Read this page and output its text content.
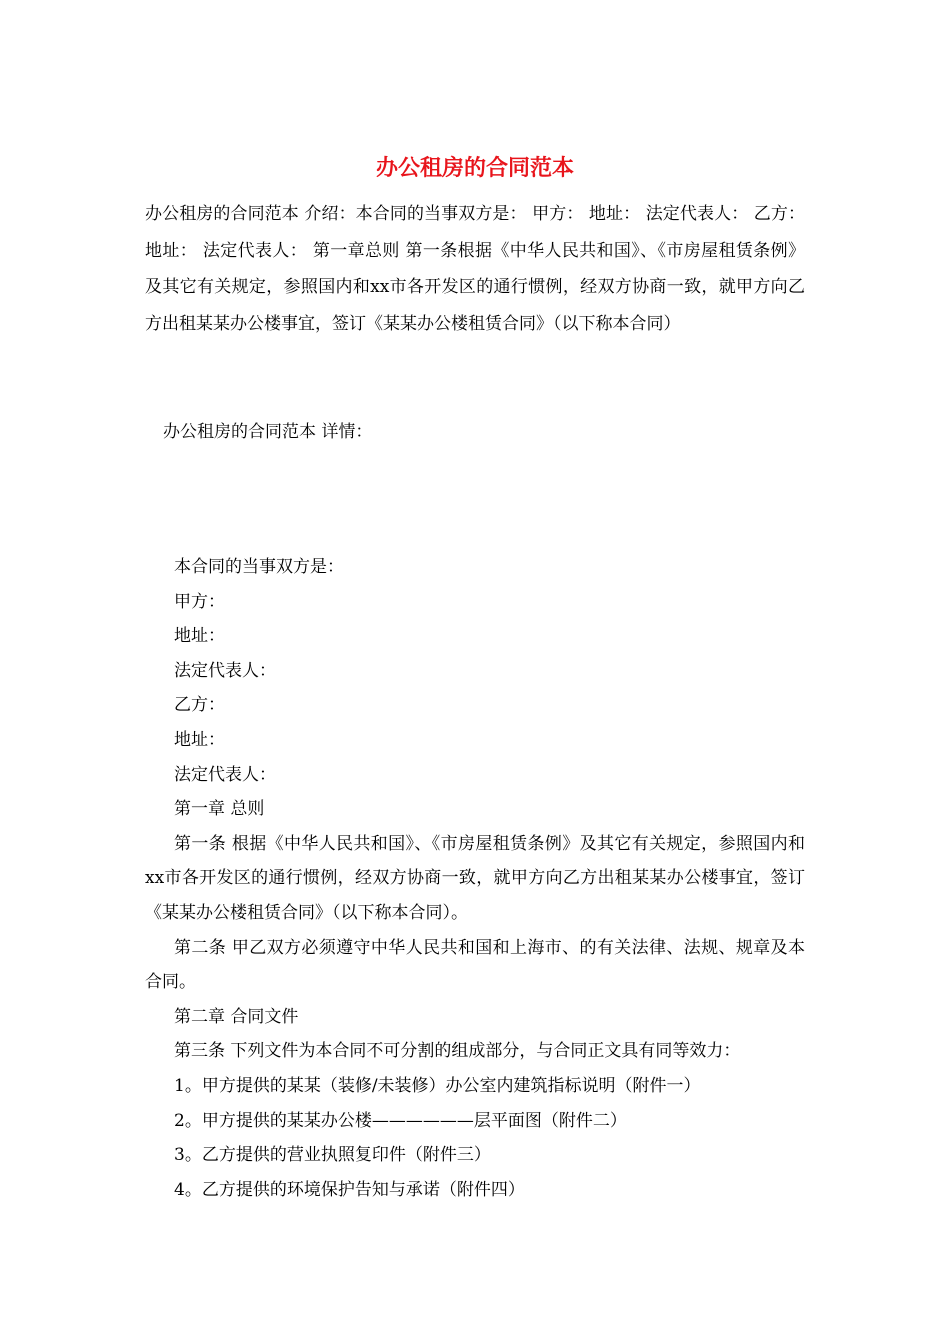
办公租房的合同范本

办公租房的合同范本 介绍：本合同的当事双方是： 甲方： 地址： 法定代表人： 乙方： 地址： 法定代表人： 第一章总则 第一条根据《中华人民共和国》、《市房屋租赁条例》及其它有关规定，参照国内和xx市各开发区的通行惯例，经双方协商一致，就甲方向乙方出租某某办公楼事宜，签订《某某办公楼租赁合同》（以下称本合同）

办公租房的合同范本 详情：

本合同的当事双方是：

甲方：

地址：

法定代表人：

乙方：

地址：

法定代表人：

第一章 总则

第一条 根据《中华人民共和国》、《市房屋租赁条例》及其它有关规定，参照国内和xx市各开发区的通行惯例，经双方协商一致，就甲方向乙方出租某某办公楼事宜，签订《某某办公楼租赁合同》（以下称本合同）。

第二条 甲乙双方必须遵守中华人民共和国和上海市、的有关法律、法规、规章及本合同。

第二章 合同文件

第三条 下列文件为本合同不可分割的组成部分，与合同正文具有同等效力：

1。甲方提供的某某（装修/未装修）办公室内建筑指标说明（附件一）

2。甲方提供的某某办公楼——————层平面图（附件二）

3。乙方提供的营业执照复印件（附件三）

4。乙方提供的环境保护告知与承诺（附件四）
